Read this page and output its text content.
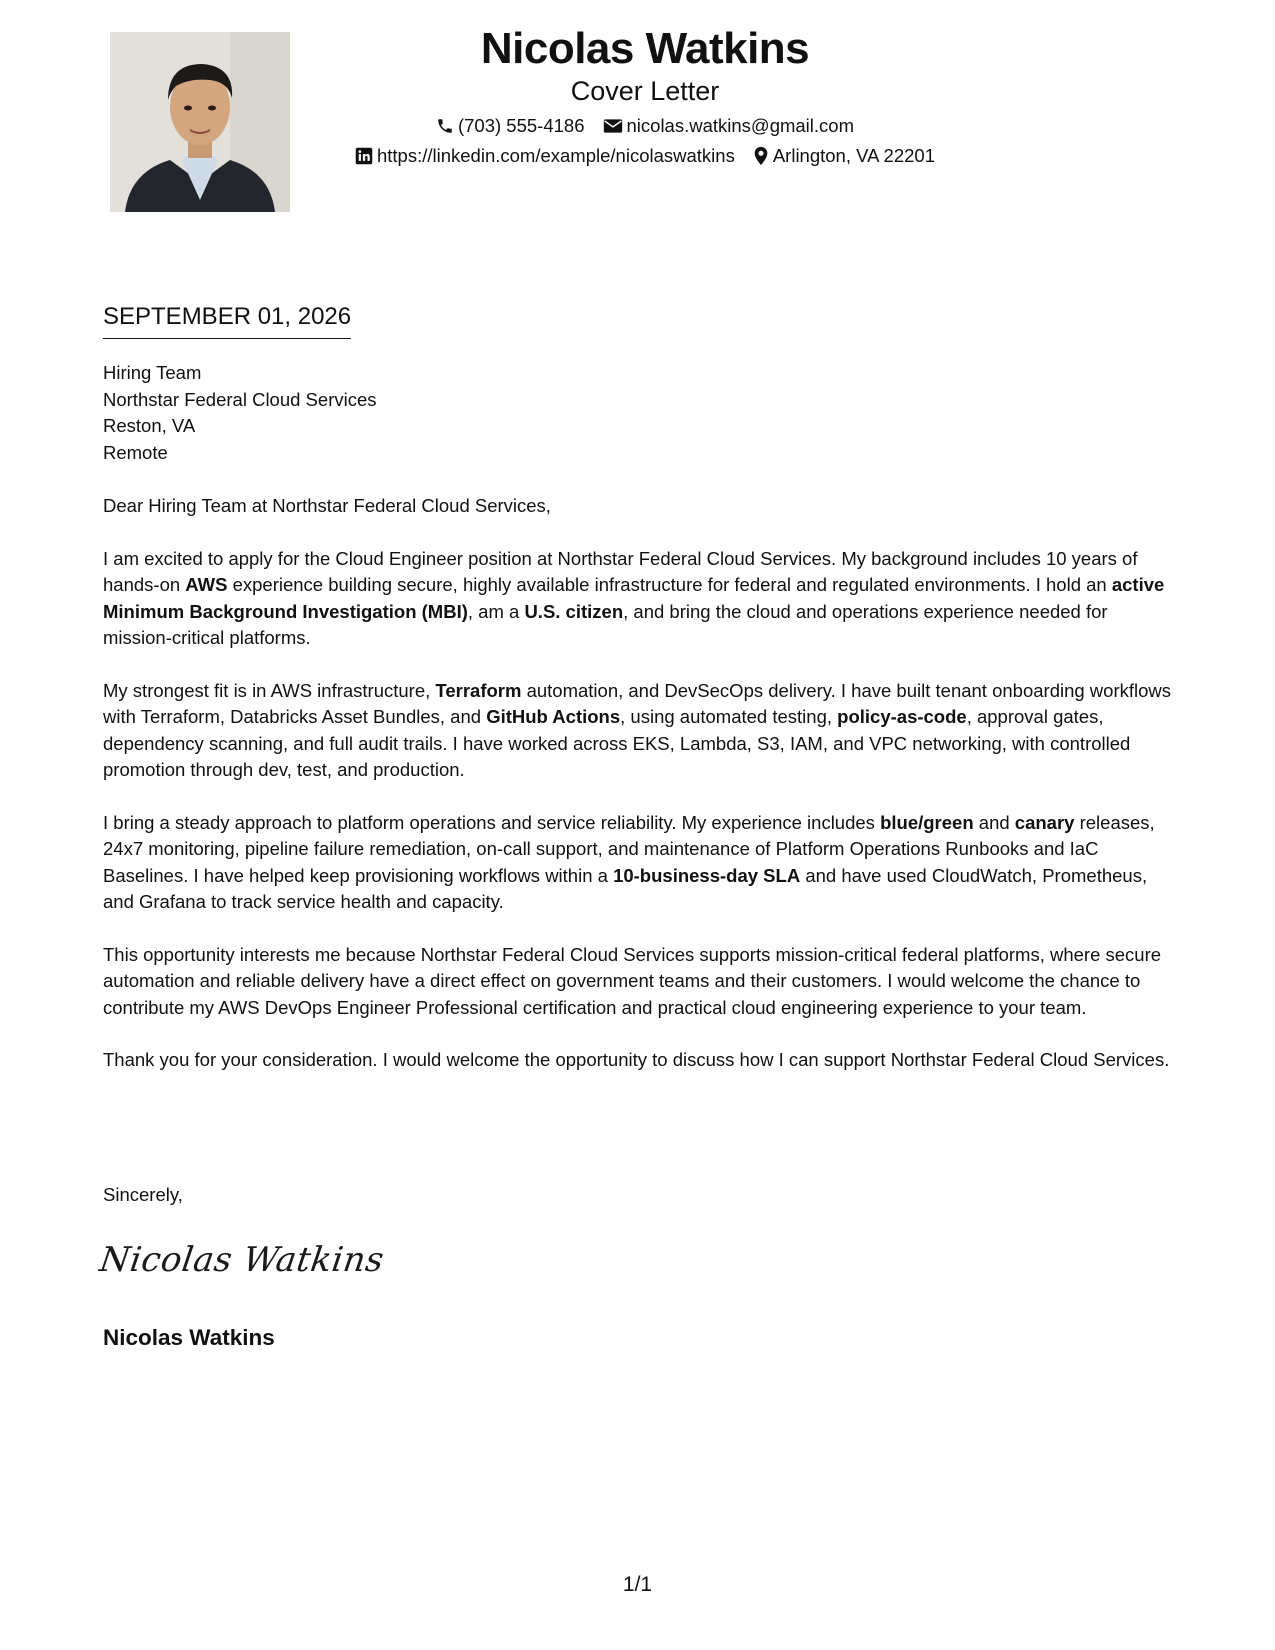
Nicolas Watkins
Cover Letter
(703) 555-4186 nicolas.watkins@gmail.com
https://linkedin.com/example/nicolaswatkins Arlington, VA 22201
SEPTEMBER 01, 2026
Hiring Team
Northstar Federal Cloud Services
Reston, VA
Remote

Dear Hiring Team at Northstar Federal Cloud Services,

I am excited to apply for the Cloud Engineer position at Northstar Federal Cloud Services. My background includes 10 years of hands-on AWS experience building secure, highly available infrastructure for federal and regulated environments. I hold an active Minimum Background Investigation (MBI), am a U.S. citizen, and bring the cloud and operations experience needed for mission-critical platforms.

My strongest fit is in AWS infrastructure, Terraform automation, and DevSecOps delivery. I have built tenant onboarding workflows with Terraform, Databricks Asset Bundles, and GitHub Actions, using automated testing, policy-as-code, approval gates, dependency scanning, and full audit trails. I have worked across EKS, Lambda, S3, IAM, and VPC networking, with controlled promotion through dev, test, and production.

I bring a steady approach to platform operations and service reliability. My experience includes blue/green and canary releases, 24x7 monitoring, pipeline failure remediation, on-call support, and maintenance of Platform Operations Runbooks and IaC Baselines. I have helped keep provisioning workflows within a 10-business-day SLA and have used CloudWatch, Prometheus, and Grafana to track service health and capacity.

This opportunity interests me because Northstar Federal Cloud Services supports mission-critical federal platforms, where secure automation and reliable delivery have a direct effect on government teams and their customers. I would welcome the chance to contribute my AWS DevOps Engineer Professional certification and practical cloud engineering experience to your team.

Thank you for your consideration. I would welcome the opportunity to discuss how I can support Northstar Federal Cloud Services.

Sincerely,
Nicolas Watkins
Nicolas Watkins
1/1
